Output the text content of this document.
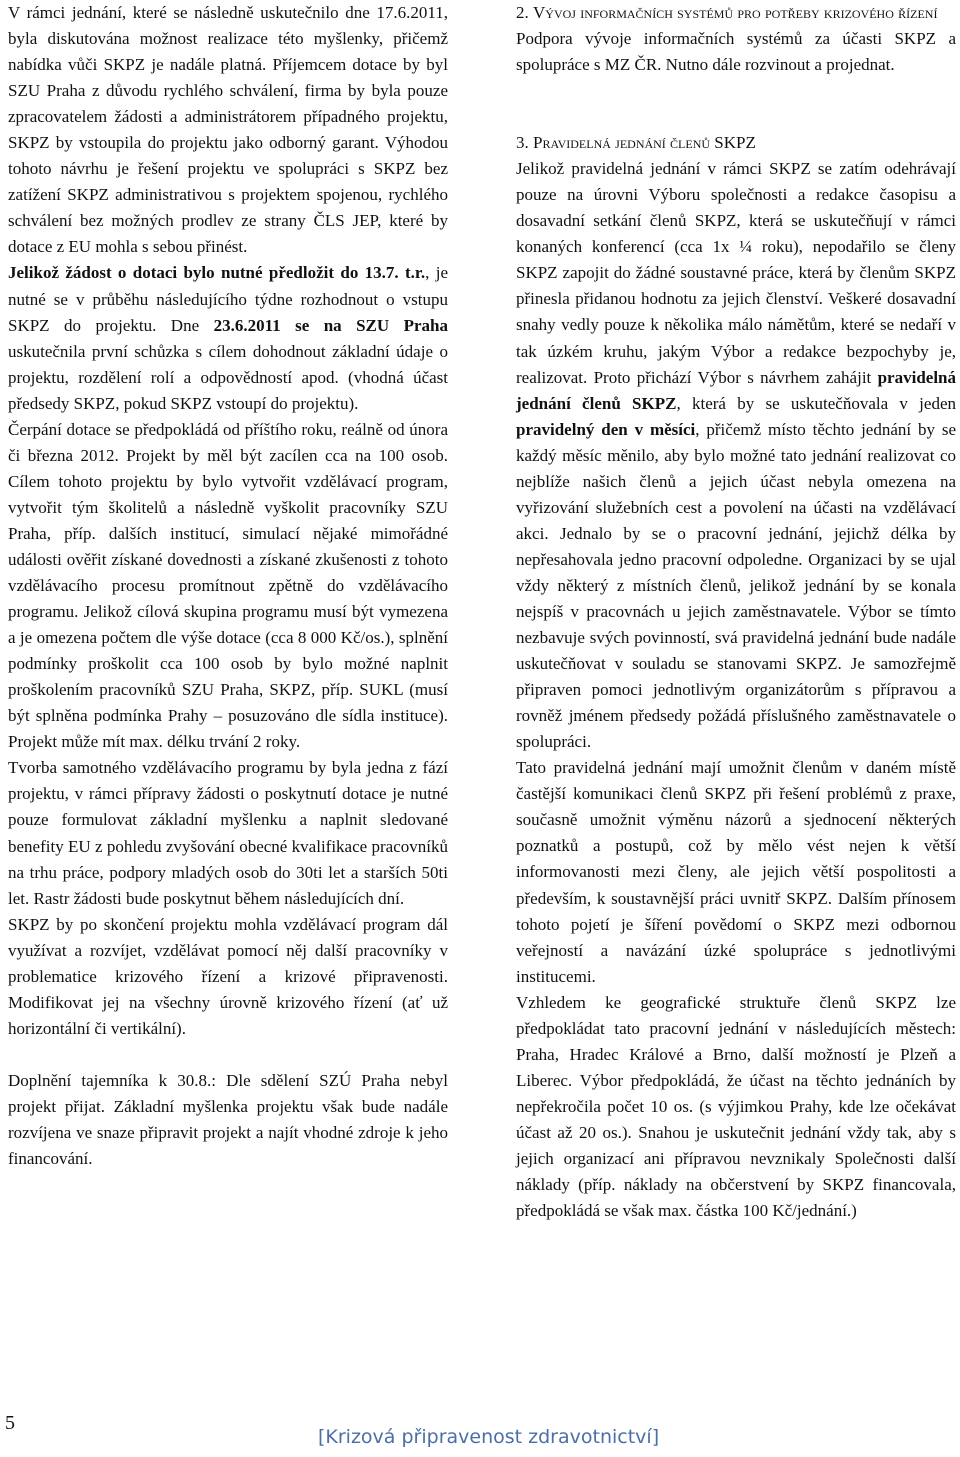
V rámci jednání, které se následně uskutečnilo dne 17.6.2011, byla diskutována možnost realizace této myšlenky, přičemž nabídka vůči SKPZ je nadále platná. Příjemcem dotace by byl SZU Praha z důvodu rychlého schválení, firma by byla pouze zpracovatelem žádosti a administrátorem případného projektu, SKPZ by vstoupila do projektu jako odborný garant. Výhodou tohoto návrhu je řešení projektu ve spolupráci s SKPZ bez zatížení SKPZ administrativou s projektem spojenou, rychlého schválení bez možných prodlev ze strany ČLS JEP, které by dotace z EU mohla s sebou přinést.

Jelikož žádost o dotaci bylo nutné předložit do 13.7. t.r., je nutné se v průběhu následujícího týdne rozhodnout o vstupu SKPZ do projektu. Dne 23.6.2011 se na SZU Praha uskutečnila první schůzka s cílem dohodnout základní údaje o projektu, rozdělení rolí a odpovědností apod. (vhodná účast předsedy SKPZ, pokud SKPZ vstoupí do projektu).

Čerpání dotace se předpokládá od příštího roku, reálně od února či března 2012. Projekt by měl být zacílen cca na 100 osob. Cílem tohoto projektu by bylo vytvořit vzdělávací program, vytvořit tým školitelů a následně vyškolit pracovníky SZU Praha, příp. dalších institucí, simulací nějaké mimořádné události ověřit získané dovednosti a získané zkušenosti z tohoto vzdělávacího procesu promítnout zpětně do vzdělávacího programu. Jelikož cílová skupina programu musí být vymezena a je omezena počtem dle výše dotace (cca 8 000 Kč/os.), splnění podmínky proškolit cca 100 osob by bylo možné naplnit proškolením pracovníků SZU Praha, SKPZ, příp. SUKL (musí být splněna podmínka Prahy – posuzováno dle sídla instituce). Projekt může mít max. délku trvání 2 roky.

Tvorba samotného vzdělávacího programu by byla jedna z fází projektu, v rámci přípravy žádosti o poskytnutí dotace je nutné pouze formulovat základní myšlenku a naplnit sledované benefity EU z pohledu zvyšování obecné kvalifikace pracovníků na trhu práce, podpory mladých osob do 30ti let a starších 50ti let. Rastr žádosti bude poskytnut během následujících dní.

SKPZ by po skončení projektu mohla vzdělávací program dál využívat a rozvíjet, vzdělávat pomocí něj další pracovníky v problematice krizového řízení a krizové připravenosti. Modifikovat jej na všechny úrovně krizového řízení (ať už horizontální či vertikální).

Doplnění tajemníka k 30.8.: Dle sdělení SZÚ Praha nebyl projekt přijat. Základní myšlenka projektu však bude nadále rozvíjena ve snaze připravit projekt a najít vhodné zdroje k jeho financování.

2. Vývoj informačních systémů pro potřeby krizového řízení

Podpora vývoje informačních systémů za účasti SKPZ a spolupráce s MZ ČR. Nutno dále rozvinout a projednat.

3. Pravidelná jednání členů SKPZ

Jelikož pravidelná jednání v rámci SKPZ se zatím odehrávají pouze na úrovni Výboru společnosti a redakce časopisu a dosavadní setkání členů SKPZ, která se uskutečňují v rámci konaných konferencí (cca 1x ¼ roku), nepodařilo se členy SKPZ zapojit do žádné soustavné práce, která by členům SKPZ přinesla přidanou hodnotu za jejich členství. Veškeré dosavadní snahy vedly pouze k několika málo námětům, které se nedaří v tak úzkém kruhu, jakým Výbor a redakce bezpochyby je, realizovat. Proto přichází Výbor s návrhem zahájit pravidelná jednání členů SKPZ, která by se uskutečňovala v jeden pravidelný den v měsíci, přičemž místo těchto jednání by se každý měsíc měnilo, aby bylo možné tato jednání realizovat co nejblíže našich členů a jejich účast nebyla omezena na vyřizování služebních cest a povolení na účasti na vzdělávací akci. Jednalo by se o pracovní jednání, jejichž délka by nepřesahovala jedno pracovní odpoledne. Organizaci by se ujal vždy některý z místních členů, jelikož jednání by se konala nejspíš v pracovnách u jejich zaměstnavatele. Výbor se tímto nezbavuje svých povinností, svá pravidelná jednání bude nadále uskutečňovat v souladu se stanovami SKPZ. Je samozřejmě připraven pomoci jednotlivým organizátorům s přípravou a rovněž jménem předsedy požádá příslušného zaměstnavatele o spolupráci.

Tato pravidelná jednání mají umožnit členům v daném místě častější komunikaci členů SKPZ při řešení problémů z praxe, současně umožnit výměnu názorů a sjednocení některých poznatků a postupů, což by mělo vést nejen k větší informovanosti mezi členy, ale jejich větší pospolitosti a především, k soustavnější práci uvnitř SKPZ. Dalším přínosem tohoto pojetí je šíření povědomí o SKPZ mezi odbornou veřejností a navázání úzké spolupráce s jednotlivými institucemi.

Vzhledem ke geografické struktuře členů SKPZ lze předpokládat tato pracovní jednání v následujících městech: Praha, Hradec Králové a Brno, další možností je Plzeň a Liberec. Výbor předpokládá, že účast na těchto jednáních by nepřekročila počet 10 os. (s výjimkou Prahy, kde lze očekávat účast až 20 os.). Snahou je uskutečnit jednání vždy tak, aby s jejich organizací ani přípravou nevznikaly Společnosti další náklady (příp. náklady na občerstvení by SKPZ financovala, předpokládá se však max. částka 100 Kč/jednání.)

5
[Krizová připravenost zdravotnictví]
